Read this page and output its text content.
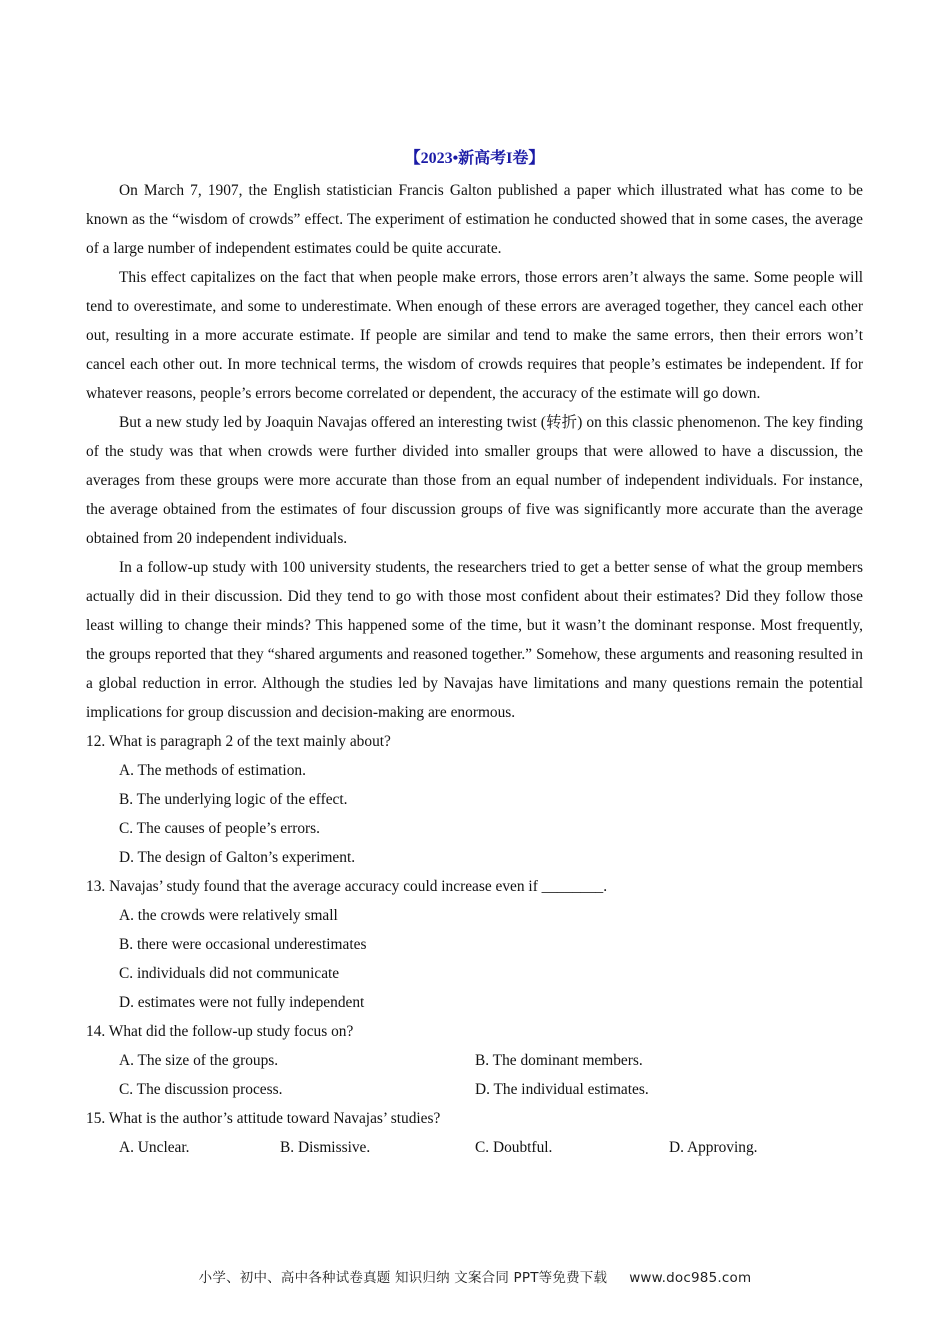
【2023•新高考I卷】

On March 7, 1907, the English statistician Francis Galton published a paper which illustrated what has come to be known as the “wisdom of crowds” effect. The experiment of estimation he conducted showed that in some cases, the average of a large number of independent estimates could be quite accurate.

This effect capitalizes on the fact that when people make errors, those errors aren’t always the same. Some people will tend to overestimate, and some to underestimate. When enough of these errors are averaged together, they cancel each other out, resulting in a more accurate estimate. If people are similar and tend to make the same errors, then their errors won’t cancel each other out. In more technical terms, the wisdom of crowds requires that people’s estimates be independent. If for whatever reasons, people’s errors become correlated or dependent, the accuracy of the estimate will go down.

But a new study led by Joaquin Navajas offered an interesting twist (转折) on this classic phenomenon. The key finding of the study was that when crowds were further divided into smaller groups that were allowed to have a discussion, the averages from these groups were more accurate than those from an equal number of independent individuals. For instance, the average obtained from the estimates of four discussion groups of five was significantly more accurate than the average obtained from 20 independent individuals.

In a follow-up study with 100 university students, the researchers tried to get a better sense of what the group members actually did in their discussion. Did they tend to go with those most confident about their estimates? Did they follow those least willing to change their minds? This happened some of the time, but it wasn’t the dominant response. Most frequently, the groups reported that they “shared arguments and reasoned together.” Somehow, these arguments and reasoning resulted in a global reduction in error. Although the studies led by Navajas have limitations and many questions remain the potential implications for group discussion and decision-making are enormous.

12. What is paragraph 2 of the text mainly about?

A. The methods of estimation.

B. The underlying logic of the effect.

C. The causes of people’s errors.

D. The design of Galton’s experiment.

13. Navajas’ study found that the average accuracy could increase even if ________.

A. the crowds were relatively small

B. there were occasional underestimates

C. individuals did not communicate

D. estimates were not fully independent

14. What did the follow-up study focus on?

A. The size of the groups.	B. The dominant members.
C. The discussion process.	D. The individual estimates.

15. What is the author’s attitude toward Navajas’ studies?

A. Unclear.	B. Dismissive.	C. Doubtful.	D. Approving.
小学、初中、高中各种试卷真题 知识归纳 文案合同 PPT等免费下载 www.doc985.com
